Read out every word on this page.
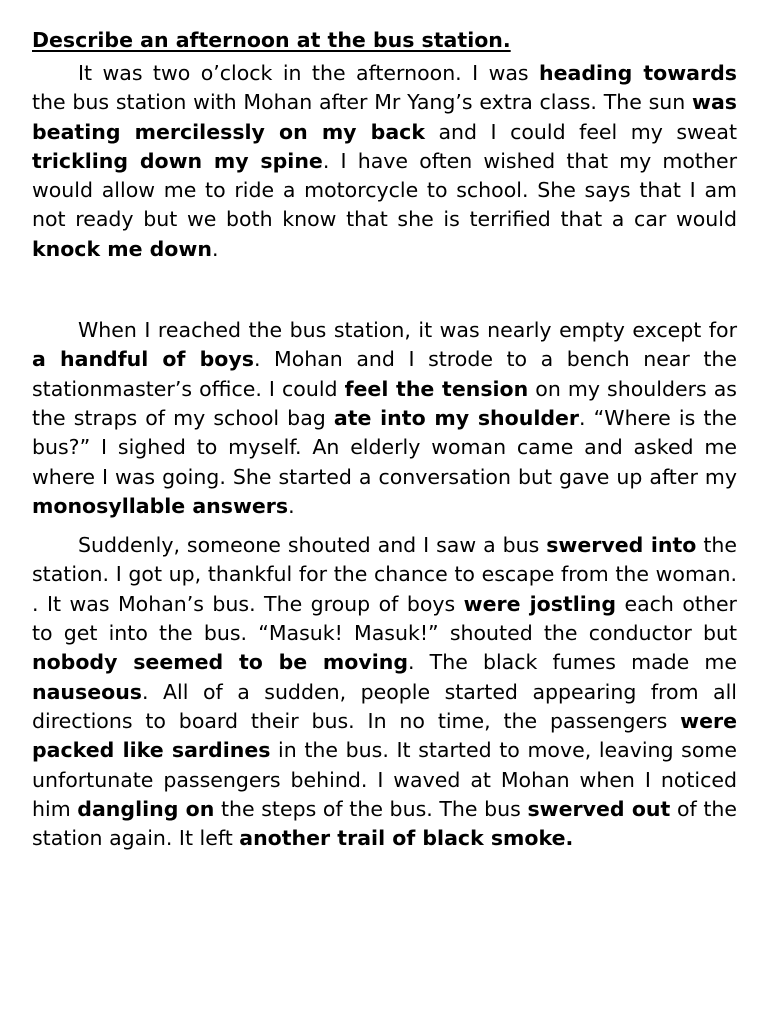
Describe an afternoon at the bus station.

It was two o’clock in the afternoon. I was heading towards the bus station with Mohan after Mr Yang’s extra class. The sun was beating mercilessly on my back and I could feel my sweat trickling down my spine. I have often wished that my mother would allow me to ride a motorcycle to school. She says that I am not ready but we both know that she is terrified that a car would knock me down.

When I reached the bus station, it was nearly empty except for a handful of boys. Mohan and I strode to a bench near the stationmaster’s office. I could feel the tension on my shoulders as the straps of my school bag ate into my shoulder. “Where is the bus?” I sighed to myself. An elderly woman came and asked me where I was going. She started a conversation but gave up after my monosyllable answers.

Suddenly, someone shouted and I saw a bus swerved into the station. I got up, thankful for the chance to escape from the woman. . It was Mohan’s bus. The group of boys were jostling each other to get into the bus. “Masuk! Masuk!” shouted the conductor but nobody seemed to be moving. The black fumes made me nauseous. All of a sudden, people started appearing from all directions to board their bus. In no time, the passengers were packed like sardines in the bus. It started to move, leaving some unfortunate passengers behind. I waved at Mohan when I noticed him dangling on the steps of the bus. The bus swerved out of the station again. It left another trail of black smoke.
